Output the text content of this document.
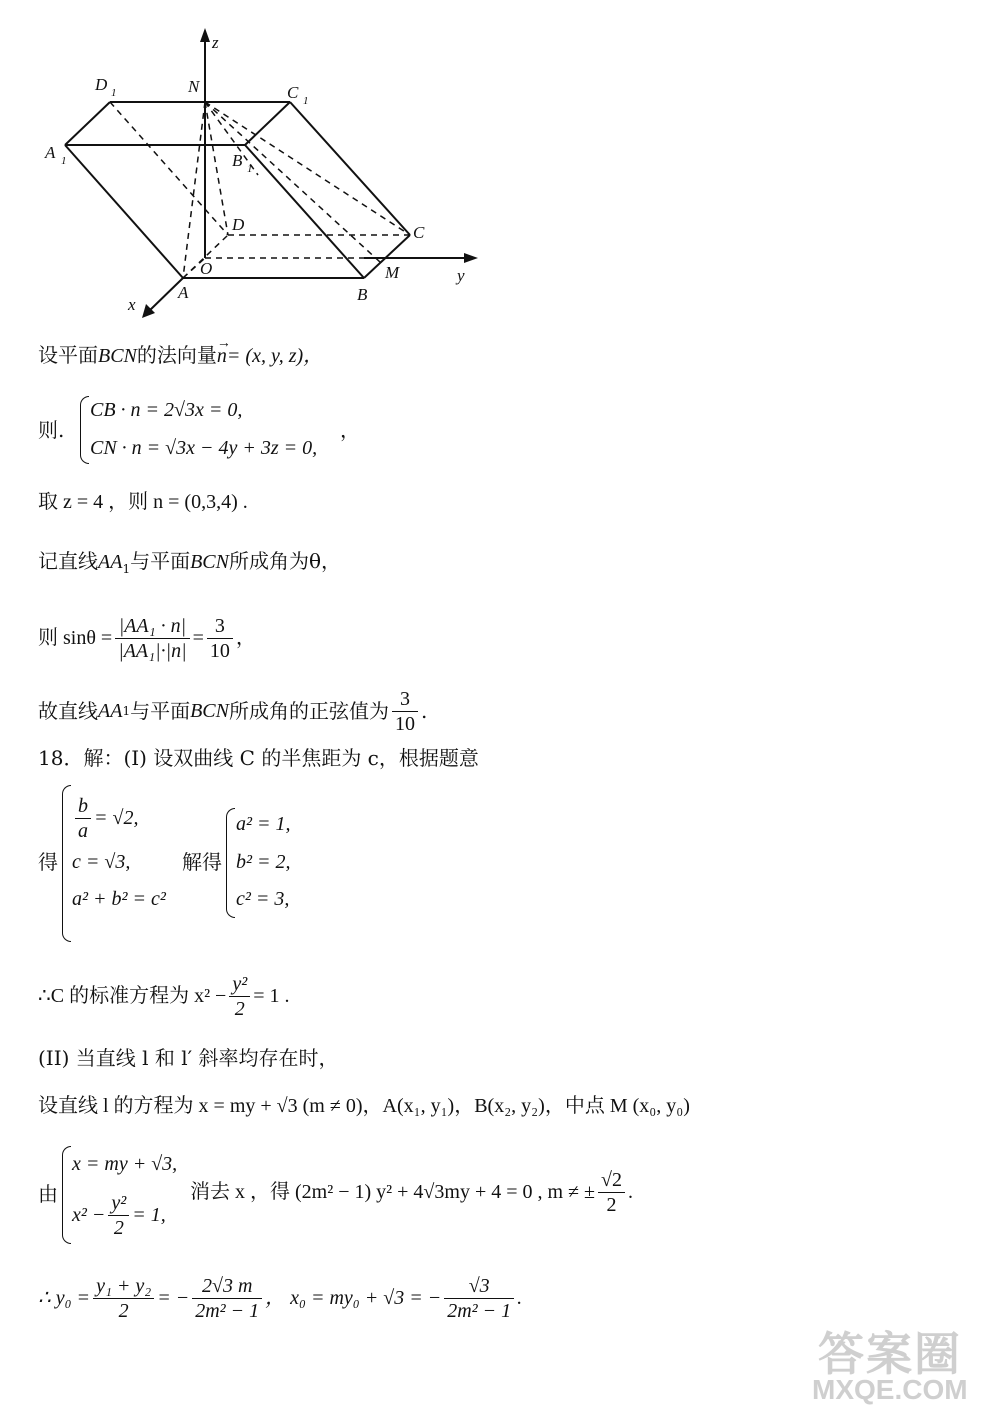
z
y
x
D 1	N	C 1
A 1	B 1
D	C
O
A	B
M
设平面BCN的法向量n
→
= (x, y, z)，
则.
CB · n = 2√3x = 0,
CN · n = √3x − 4y + 3z = 0,
，
取 z = 4 ，则 n = (0,3,4) .
记直线$AA_1$与平面BCN所成角为θ，
则 $\sin\theta = \frac{\text{|AA₁ · n|}}{\text{|AA₁|·|n|}} = \frac{3}{10}$ ，
故直线 AA 1 与平面 BCN 所成角的正弦值为 $\frac{3}{10}$ .
18．解：(I) 设双曲线 C 的半焦距为 c，根据题意
得
$\frac{b}{a} = √2$,
c = √3,
a² + b² = c²
解得
a² = 1,
b² = 2,
c² = 3,
∴C 的标准方程为 $x^2 - \frac{\text{y²}}{2} = 1$ .
(II) 当直线 l 和 l′ 斜率均存在时，
设直线 l 的方程为 x = my + √3 (m ≠ 0)，A(x₁, y₁)，B(x₂, y₂)，中点 M (x₀, y₀)
由
x = my + √3,
$x^2 - \frac{\text{y²}}{2} = 1$,
消去 x ，得 (2m² − 1) y² + 4√3my + 4 = 0 , m ≠ ± $\frac{√2}{2}$ .
∴ $y_0 = \frac{\text{y₁ + y₂}}{2}$ = − $\frac{2√3 m}{\text{2m² − 1}}$ ， x₀ = my₀ + √3 = − $\frac{√3}{\text{2m² − 1}}$ .
答案圈
MXQE.COM
